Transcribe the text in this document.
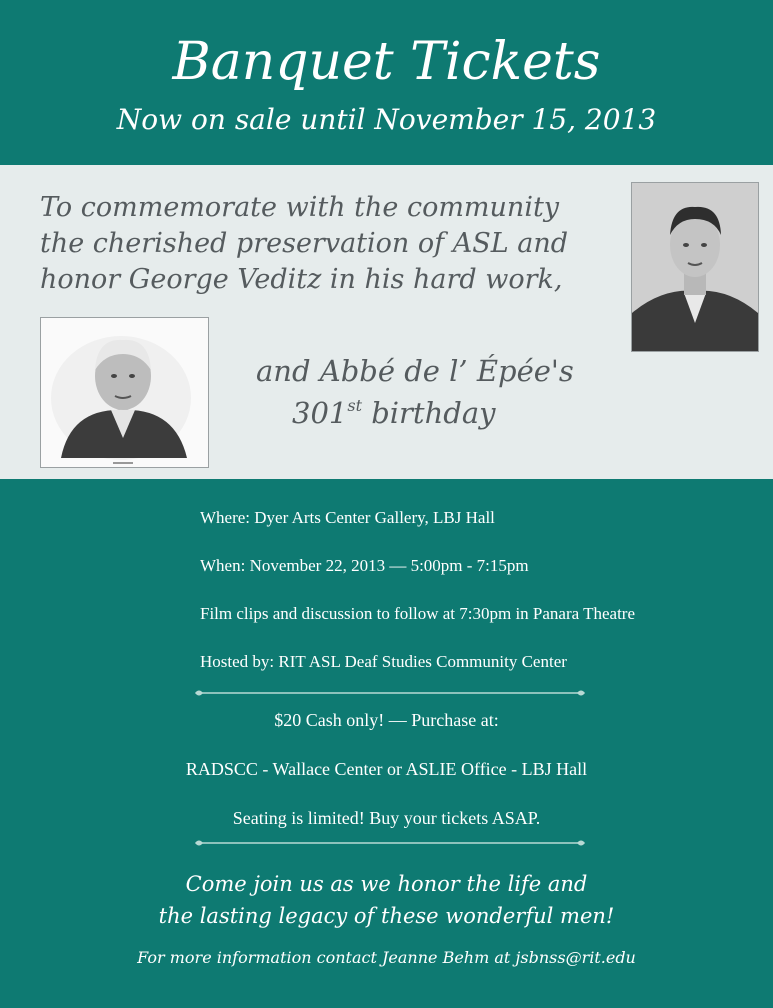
Banquet Tickets
Now on sale until November 15, 2013
To commemorate with the community
the cherished preservation of ASL and
honor George Veditz in his hard work,
and Abbé de l’ Épée's
301st birthday
Where: Dyer Arts Center Gallery, LBJ Hall
When: November 22, 2013 — 5:00pm - 7:15pm
Film clips and discussion to follow at 7:30pm in Panara Theatre
Hosted by: RIT ASL Deaf Studies Community Center
$20 Cash only! — Purchase at:
RADSCC - Wallace Center or ASLIE Office - LBJ Hall
Seating is limited! Buy your tickets ASAP.
Come join us as we honor the life and
the lasting legacy of these wonderful men!
For more information contact Jeanne Behm at jsbnss@rit.edu
